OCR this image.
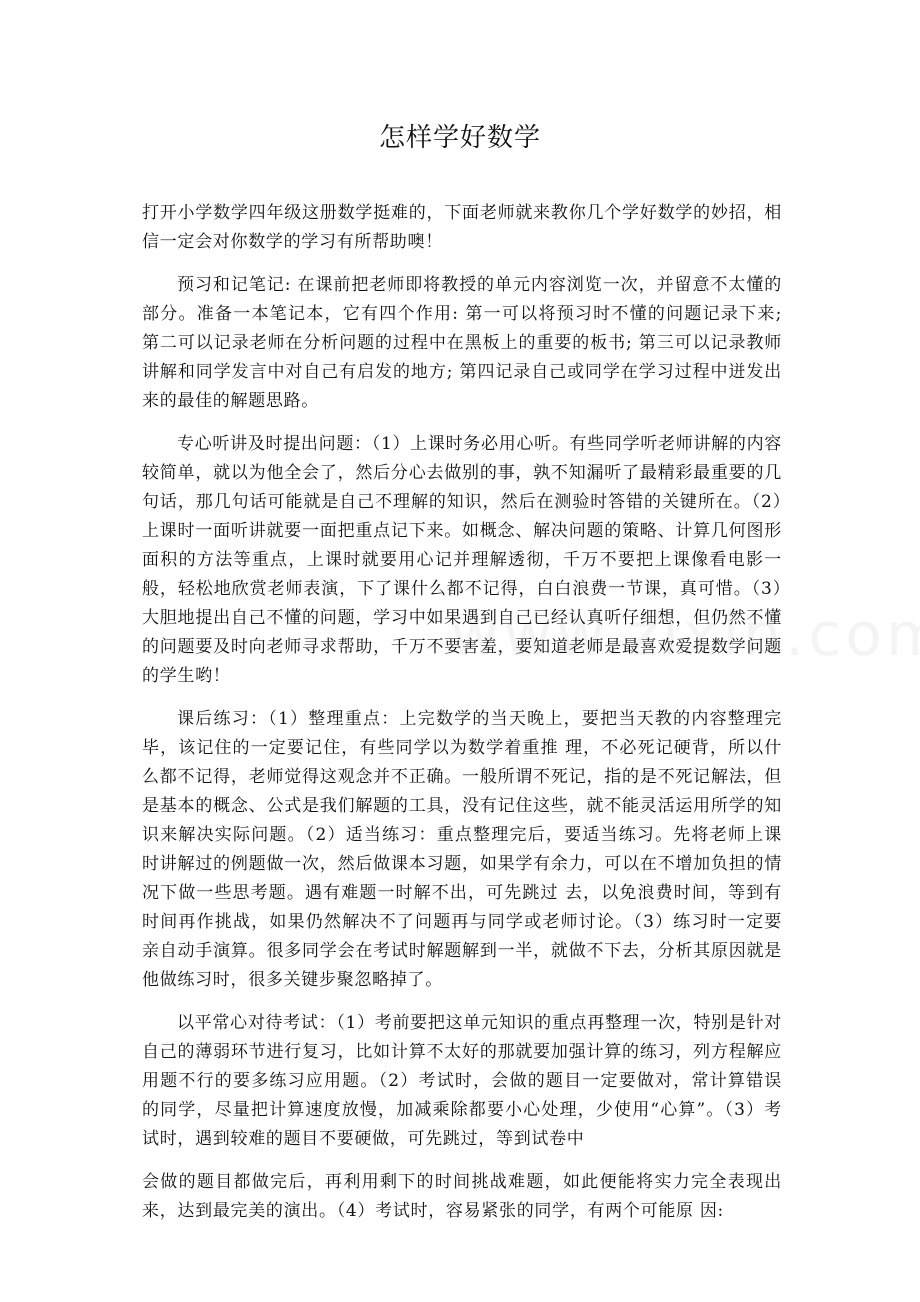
怎样学好数学

打开小学数学四年级这册数学挺难的，下面老师就来教你几个学好数学的妙招，相信一定会对你数学的学习有所帮助噢！

预习和记笔记: 在课前把老师即将教授的单元内容浏览一次，并留意不太懂的部分。准备一本笔记本，它有四个作用: 第一可以将预习时不懂的问题记录下来; 第二可以记录老师在分析问题的过程中在黑板上的重要的板书; 第三可以记录教师讲解和同学发言中对自己有启发的地方; 第四记录自己或同学在学习过程中迸发出来的最佳的解题思路。

专心听讲及时提出问题：（1）上课时务必用心听。有些同学听老师讲解的内容较简单，就以为他全会了，然后分心去做别的事，孰不知漏听了最精彩最重要的几句话，那几句话可能就是自己不理解的知识，然后在测验时答错的关键所在。（2）上课时一面听讲就要一面把重点记下来。如概念、解决问题的策略、计算几何图形面积的方法等重点，上课时就要用心记并理解透彻，千万不要把上课像看电影一般，轻松地欣赏老师表演，下了课什么都不记得，白白浪费一节课，真可惜。（3）大胆地提出自己不懂的问题，学习中如果遇到自己已经认真听仔细想，但仍然不懂的问题要及时向老师寻求帮助，千万不要害羞，要知道老师是最喜欢爱提数学问题的学生哟！

课后练习：（1）整理重点：上完数学的当天晚上，要把当天教的内容整理完毕，该记住的一定要记住，有些同学以为数学着重推 理，不必死记硬背，所以什么都不记得，老师觉得这观念并不正确。一般所谓不死记，指的是不死记解法，但是基本的概念、公式是我们解题的工具，没有记住这些，就不能灵活运用所学的知识来解决实际问题。（2）适当练习：重点整理完后，要适当练习。先将老师上课时讲解过的例题做一次，然后做课本习题，如果学有余力，可以在不增加负担的情况下做一些思考题。遇有难题一时解不出，可先跳过 去，以免浪费时间，等到有时间再作挑战，如果仍然解决不了问题再与同学或老师讨论。（3）练习时一定要亲自动手演算。很多同学会在考试时解题解到一半，就做不下去，分析其原因就是他做练习时，很多关键步聚忽略掉了。

以平常心对待考试：（1）考前要把这单元知识的重点再整理一次，特别是针对自己的薄弱环节进行复习，比如计算不太好的那就要加强计算的练习，列方程解应用题不行的要多练习应用题。（2）考试时，会做的题目一定要做对，常计算错误的同学，尽量把计算速度放慢，加减乘除都要小心处理，少使用“心算”。（3）考试时，遇到较难的题目不要硬做，可先跳过，等到试卷中

会做的题目都做完后，再利用剩下的时间挑战难题，如此便能将实力完全表现出来，达到最完美的演出。（4）考试时，容易紧张的同学，有两个可能原 因:
